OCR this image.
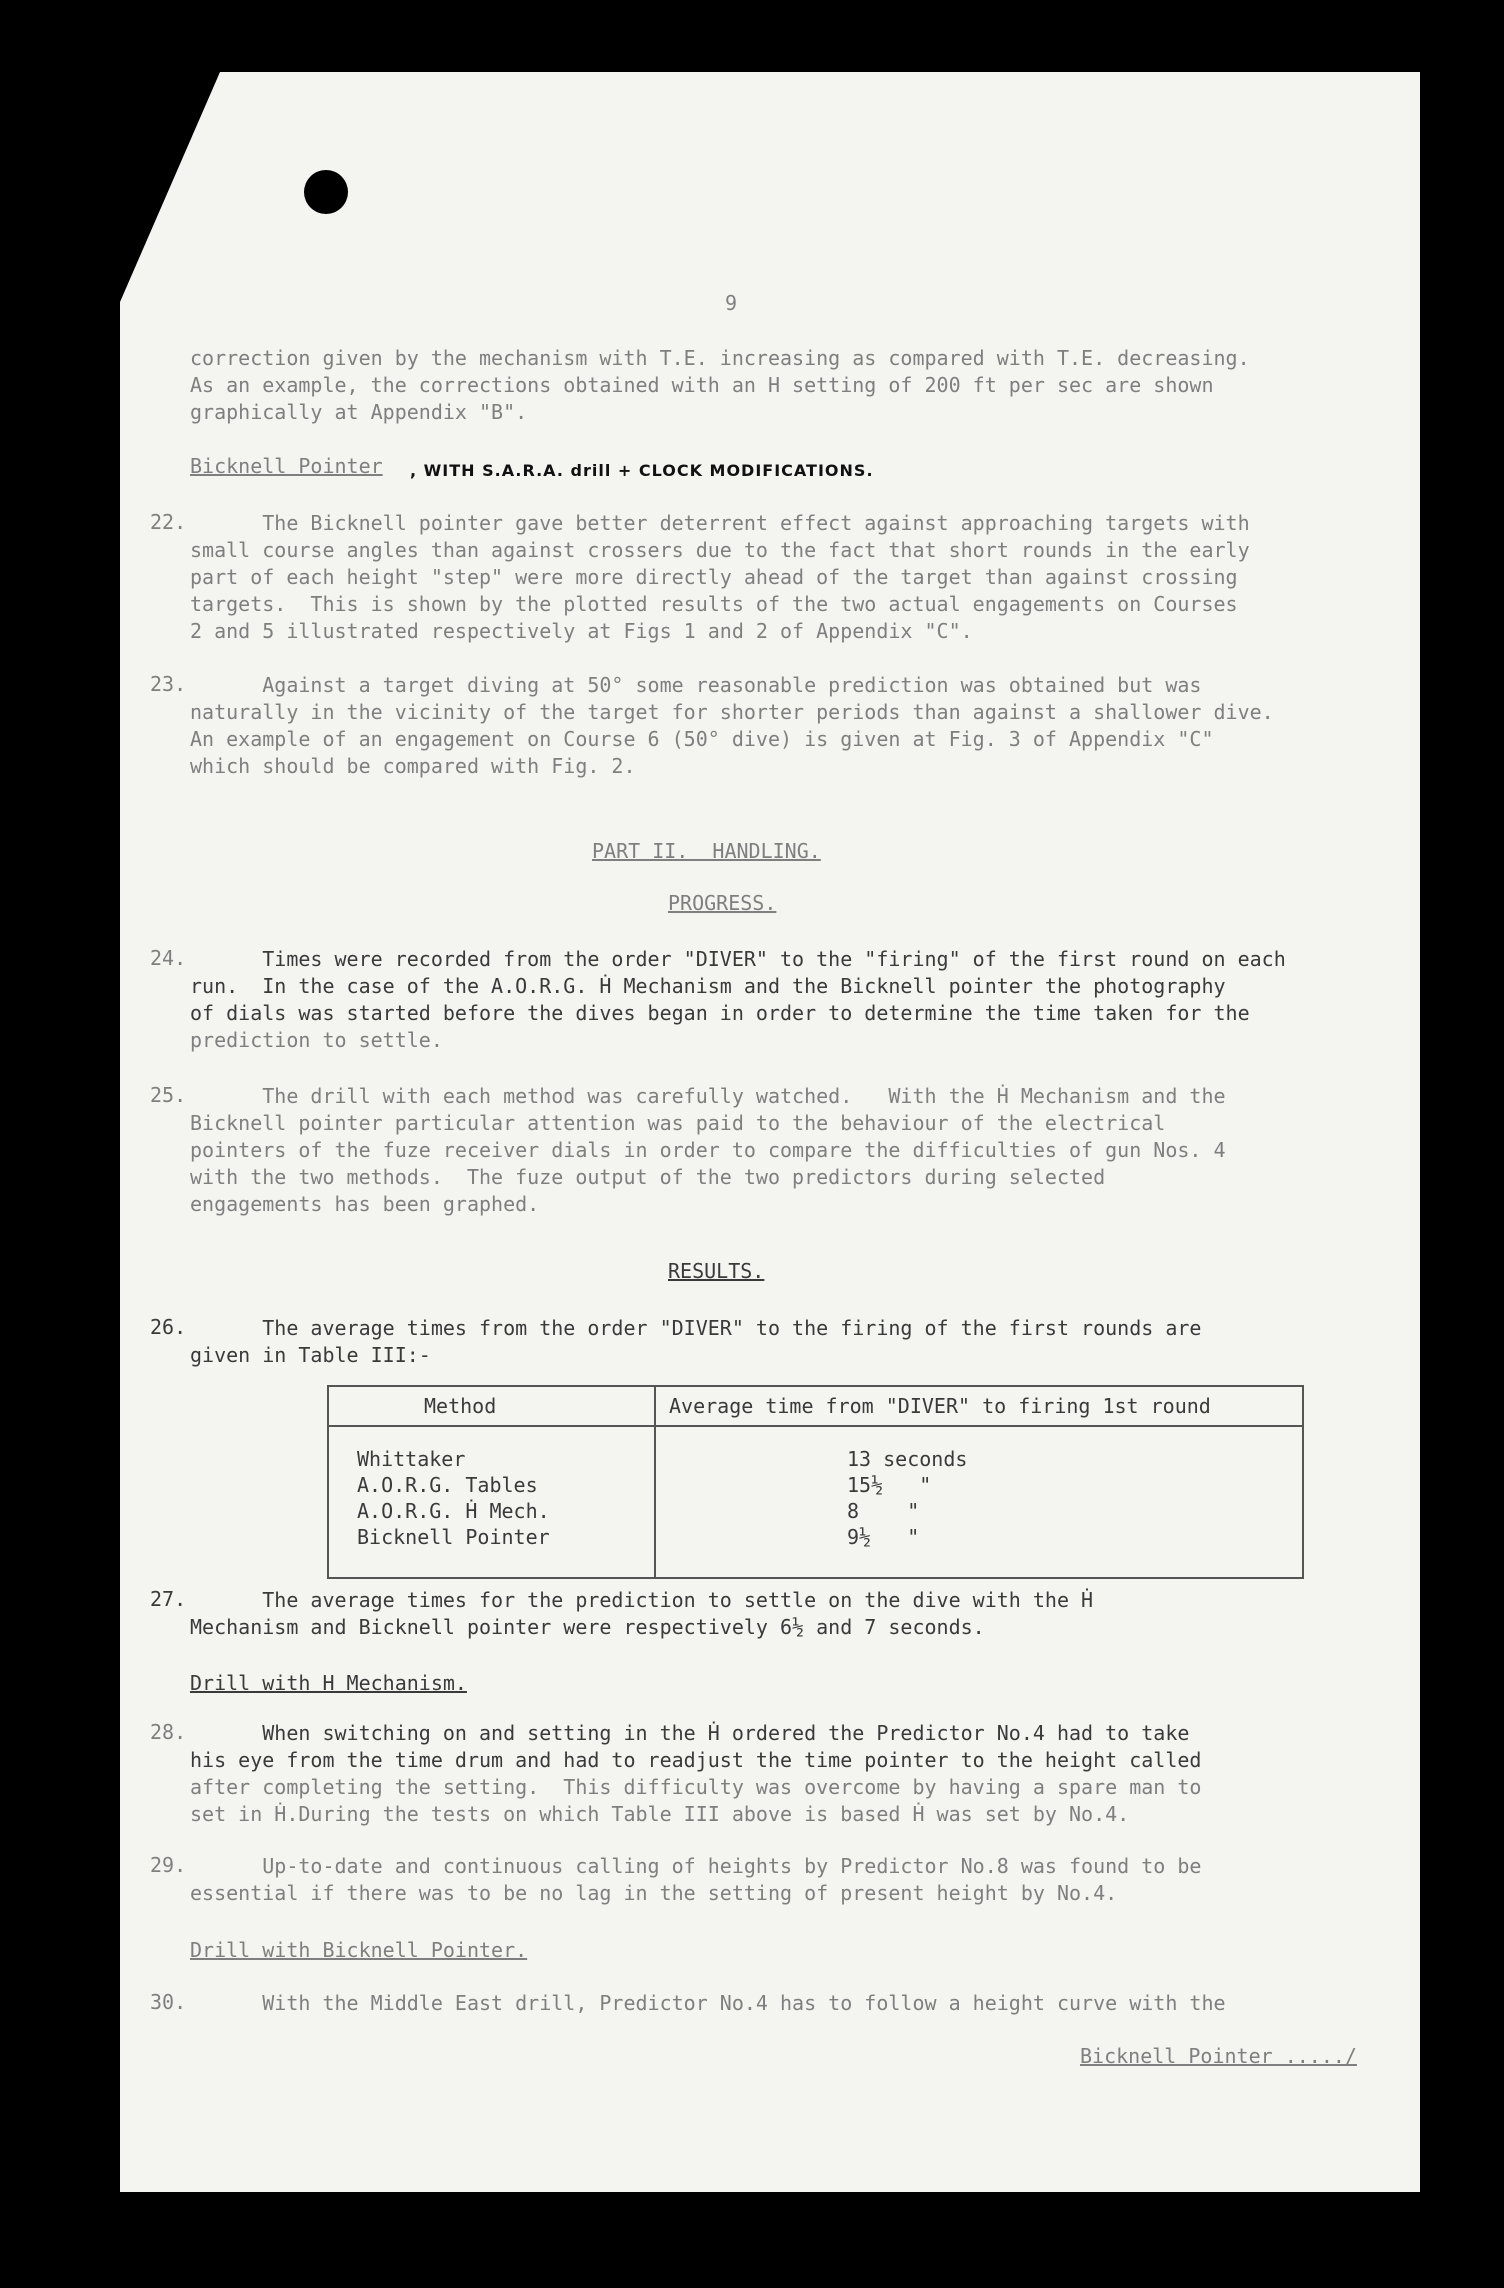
9
correction given by the mechanism with T.E. increasing as compared with T.E. decreasing.
As an example, the corrections obtained with an H setting of 200 ft per sec are shown
graphically at Appendix "B".
Bicknell Pointer , WITH S.A.R.A. drill + CLOCK MODIFICATIONS.
22. The Bicknell pointer gave better deterrent effect against approaching targets with
small course angles than against crossers due to the fact that short rounds in the early
part of each height "step" were more directly ahead of the target than against crossing
targets.  This is shown by the plotted results of the two actual engagements on Courses
2 and 5 illustrated respectively at Figs 1 and 2 of Appendix "C".
23. Against a target diving at 50° some reasonable prediction was obtained but was
naturally in the vicinity of the target for shorter periods than against a shallower dive.
An example of an engagement on Course 6 (50° dive) is given at Fig. 3 of Appendix "C"
which should be compared with Fig. 2.
PART II.  HANDLING.
PROGRESS.
24. Times were recorded from the order "DIVER" to the "firing" of the first round on each
run.  In the case of the A.O.R.G. Ḣ Mechanism and the Bicknell pointer the photography
of dials was started before the dives began in order to determine the time taken for the
prediction to settle.
25. The drill with each method was carefully watched.   With the Ḣ Mechanism and the
Bicknell pointer particular attention was paid to the behaviour of the electrical
pointers of the fuze receiver dials in order to compare the difficulties of gun Nos. 4
with the two methods.  The fuze output of the two predictors during selected
engagements has been graphed.
RESULTS.
26. The average times from the order "DIVER" to the firing of the first rounds are
given in Table III:-
Method	Average time from "DIVER" to firing 1st round
Whittaker	13 seconds
A.O.R.G. Tables	15½   "
A.O.R.G. Ḣ Mech.	8    "
Bicknell Pointer	9½   "
27. The average times for the prediction to settle on the dive with the Ḣ
Mechanism and Bicknell pointer were respectively 6½ and 7 seconds.
Drill with H Mechanism.
28. When switching on and setting in the Ḣ ordered the Predictor No.4 had to take
his eye from the time drum and had to readjust the time pointer to the height called
after completing the setting.  This difficulty was overcome by having a spare man to
set in Ḣ.During the tests on which Table III above is based Ḣ was set by No.4.
29. Up-to-date and continuous calling of heights by Predictor No.8 was found to be
essential if there was to be no lag in the setting of present height by No.4.
Drill with Bicknell Pointer.
30. With the Middle East drill, Predictor No.4 has to follow a height curve with the
Bicknell Pointer ...../
